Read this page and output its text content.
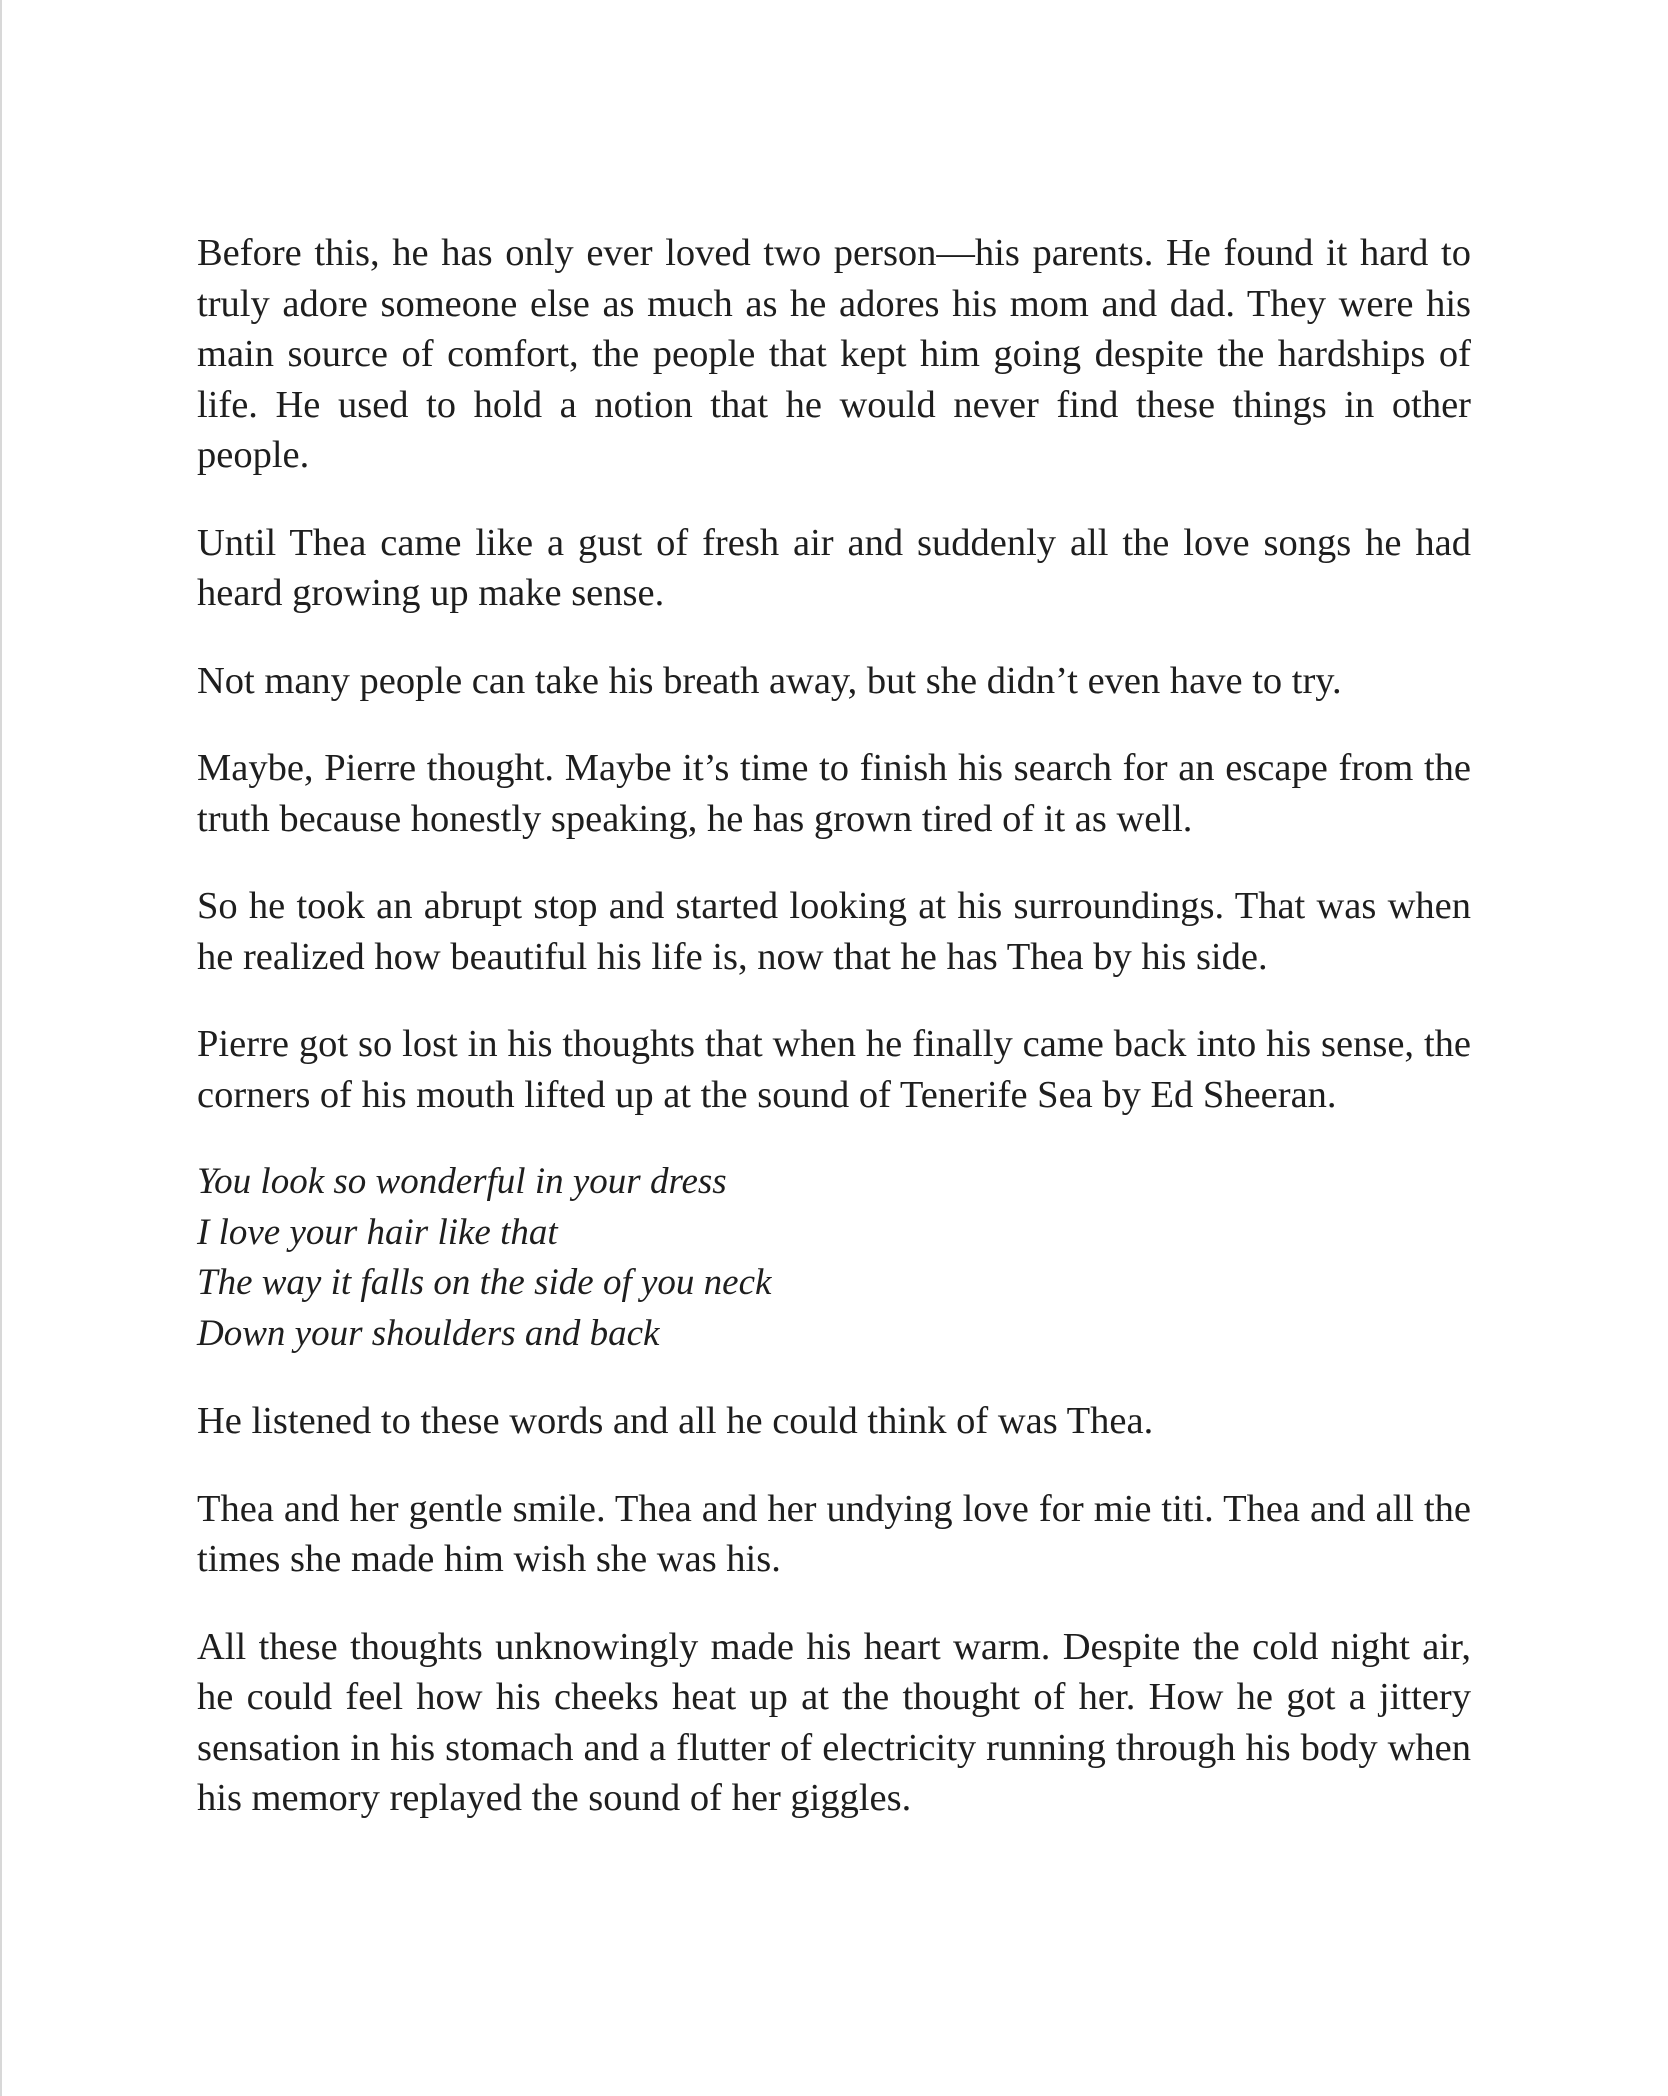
Before this, he has only ever loved two person—his parents. He found it hard to truly adore someone else as much as he adores his mom and dad. They were his main source of comfort, the people that kept him going despite the hardships of life. He used to hold a notion that he would never find these things in other people.

Until Thea came like a gust of fresh air and suddenly all the love songs he had heard growing up make sense.

Not many people can take his breath away, but she didn’t even have to try.

Maybe, Pierre thought. Maybe it’s time to finish his search for an escape from the truth because honestly speaking, he has grown tired of it as well.

So he took an abrupt stop and started looking at his surroundings. That was when he realized how beautiful his life is, now that he has Thea by his side.

Pierre got so lost in his thoughts that when he finally came back into his sense, the corners of his mouth lifted up at the sound of Tenerife Sea by Ed Sheeran.

You look so wonderful in your dress
I love your hair like that
The way it falls on the side of you neck
Down your shoulders and back

He listened to these words and all he could think of was Thea.

Thea and her gentle smile. Thea and her undying love for mie titi. Thea and all the times she made him wish she was his.

All these thoughts unknowingly made his heart warm. Despite the cold night air, he could feel how his cheeks heat up at the thought of her. How he got a jittery sensation in his stomach and a flutter of electricity running through his body when his memory replayed the sound of her giggles.
